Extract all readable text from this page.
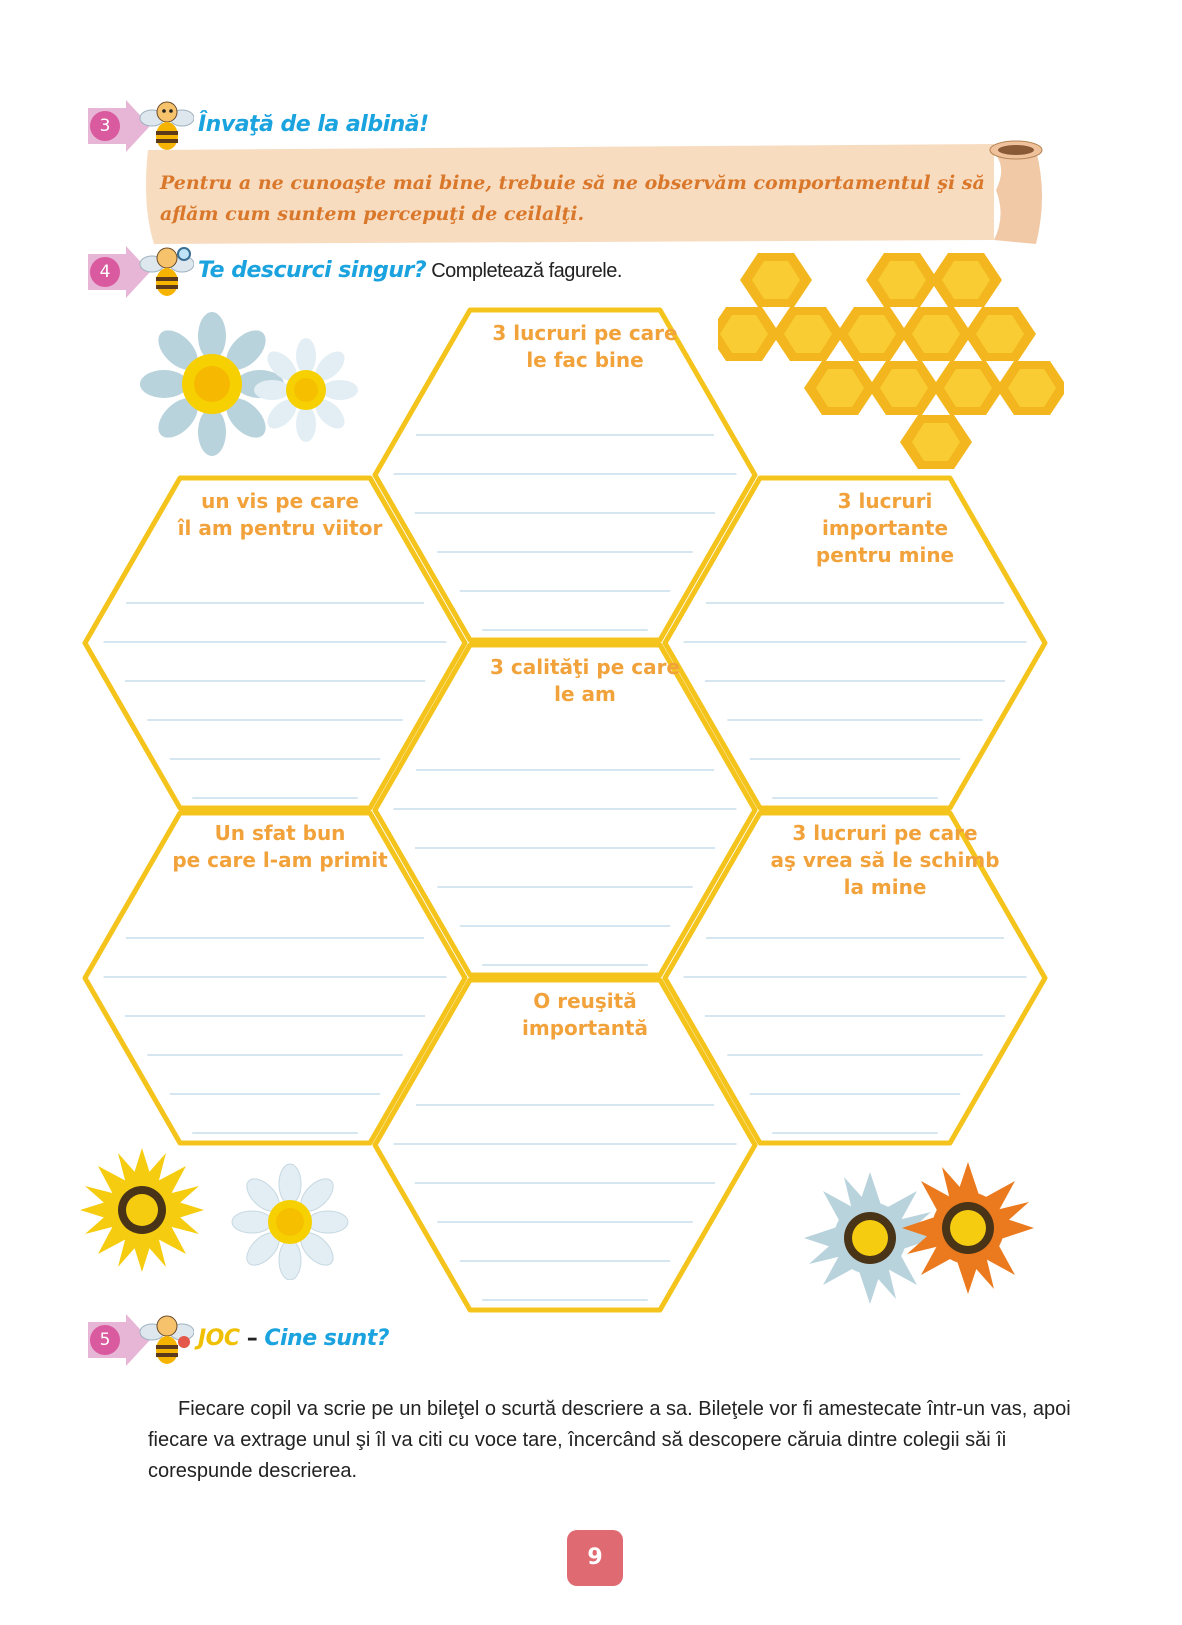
3	Învaţă de la albină!
Pentru a ne cunoaşte mai bine, trebuie să ne observăm comportamentul şi să aflăm cum suntem percepuţi de ceilalţi.
4	Te descurci singur? Completează fagurele.
3 lucruri pe care
le fac bine
un vis pe care
îl am pentru viitor
3 lucruri
importante
pentru mine
3 calităţi pe care
le am
Un sfat bun
pe care l-am primit
3 lucruri pe care
aş vrea să le schimb
la mine
O reuşită
importantă
5	JOC – Cine sunt?
Fiecare copil va scrie pe un bileţel o scurtă descriere a sa. Bileţele vor fi amestecate într-un vas, apoi fiecare va extrage unul şi îl va citi cu voce tare, încercând să descopere căruia dintre colegii săi îi corespunde descrierea.
9
